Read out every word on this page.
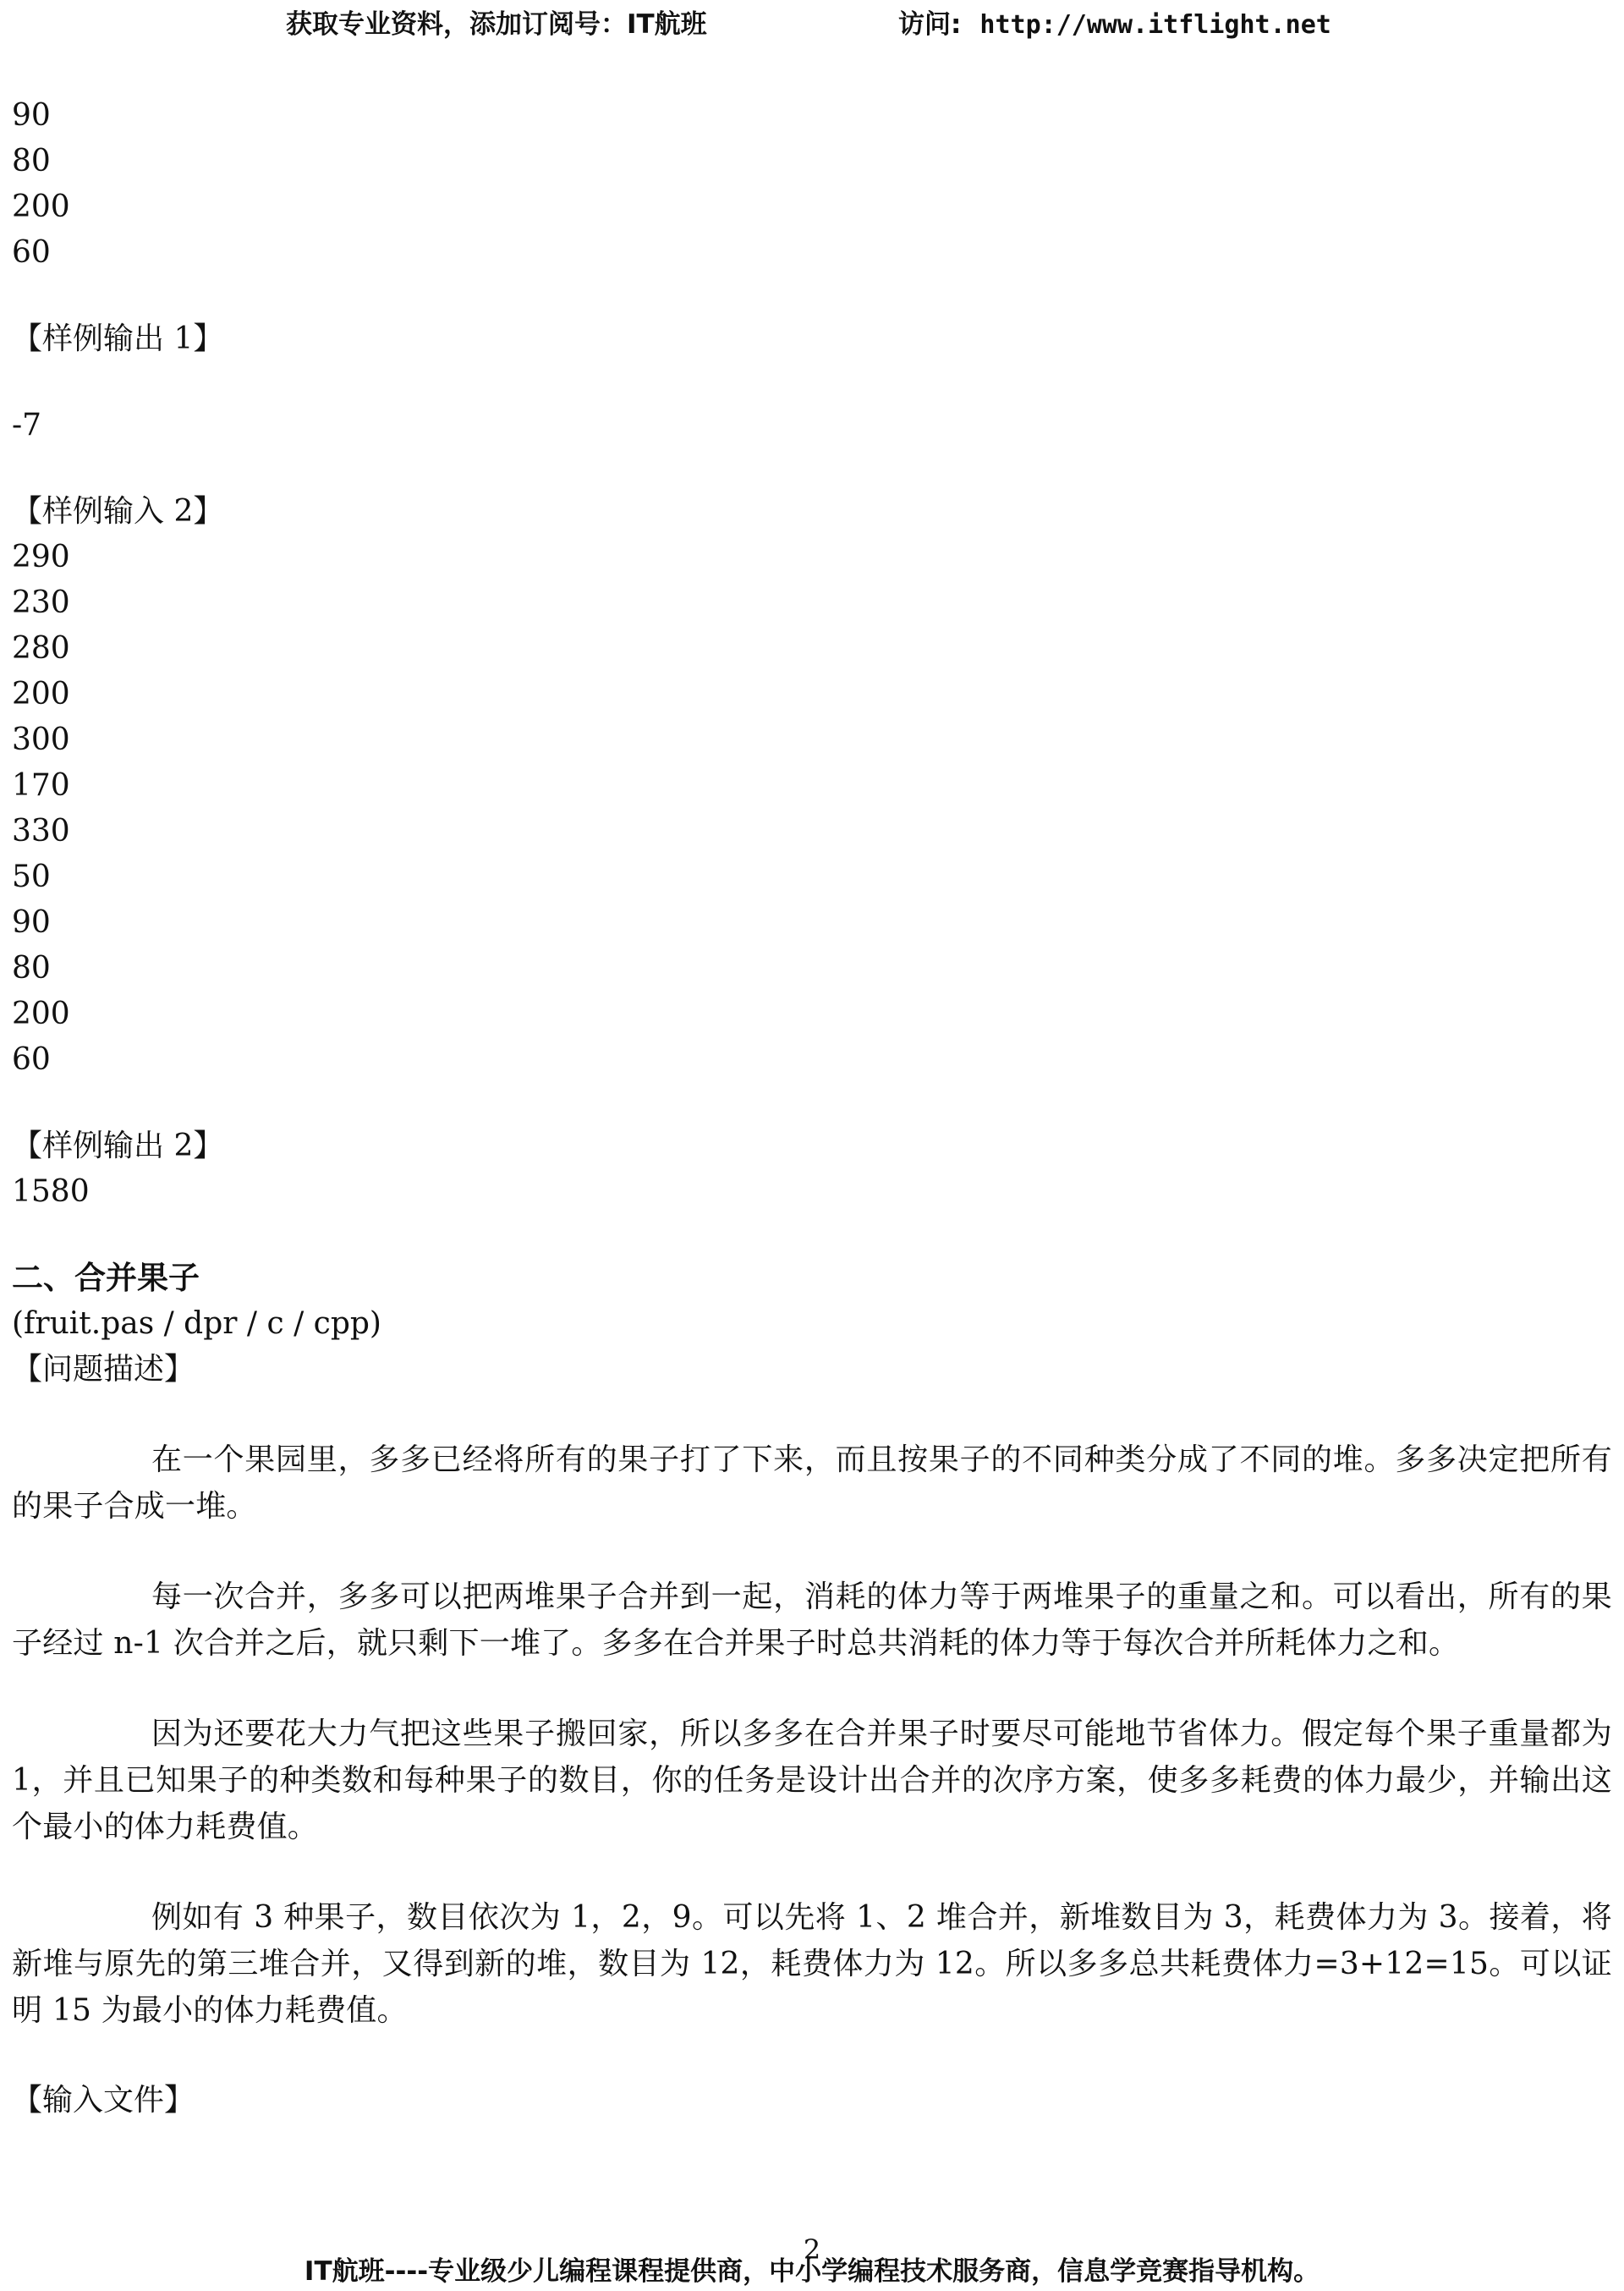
获取专业资料，添加订阅号：IT航班	访问: http://www.itflight.net
90
80
200
60
【样例输出 1】
-7
【样例输入 2】
290
230
280
200
300
170
330
50
90
80
200
60
【样例输出 2】
1580
二、合并果子
(fruit.pas / dpr / c / cpp)
【问题描述】

在一个果园里，多多已经将所有的果子打了下来，而且按果子的不同种类分成了不同的堆。多多决定把所有的果子合成一堆。

每一次合并，多多可以把两堆果子合并到一起，消耗的体力等于两堆果子的重量之和。可以看出，所有的果子经过 n-1 次合并之后，就只剩下一堆了。多多在合并果子时总共消耗的体力等于每次合并所耗体力之和。

因为还要花大力气把这些果子搬回家，所以多多在合并果子时要尽可能地节省体力。假定每个果子重量都为 1，并且已知果子的种类数和每种果子的数目，你的任务是设计出合并的次序方案，使多多耗费的体力最少，并输出这个最小的体力耗费值。

例如有 3 种果子，数目依次为 1，2，9。可以先将 1、2 堆合并，新堆数目为 3，耗费体力为 3。接着，将新堆与原先的第三堆合并，又得到新的堆，数目为 12，耗费体力为 12。所以多多总共耗费体力=3+12=15。可以证明 15 为最小的体力耗费值。

【输入文件】
2
IT航班----专业级少儿编程课程提供商，中小学编程技术服务商，信息学竞赛指导机构。
